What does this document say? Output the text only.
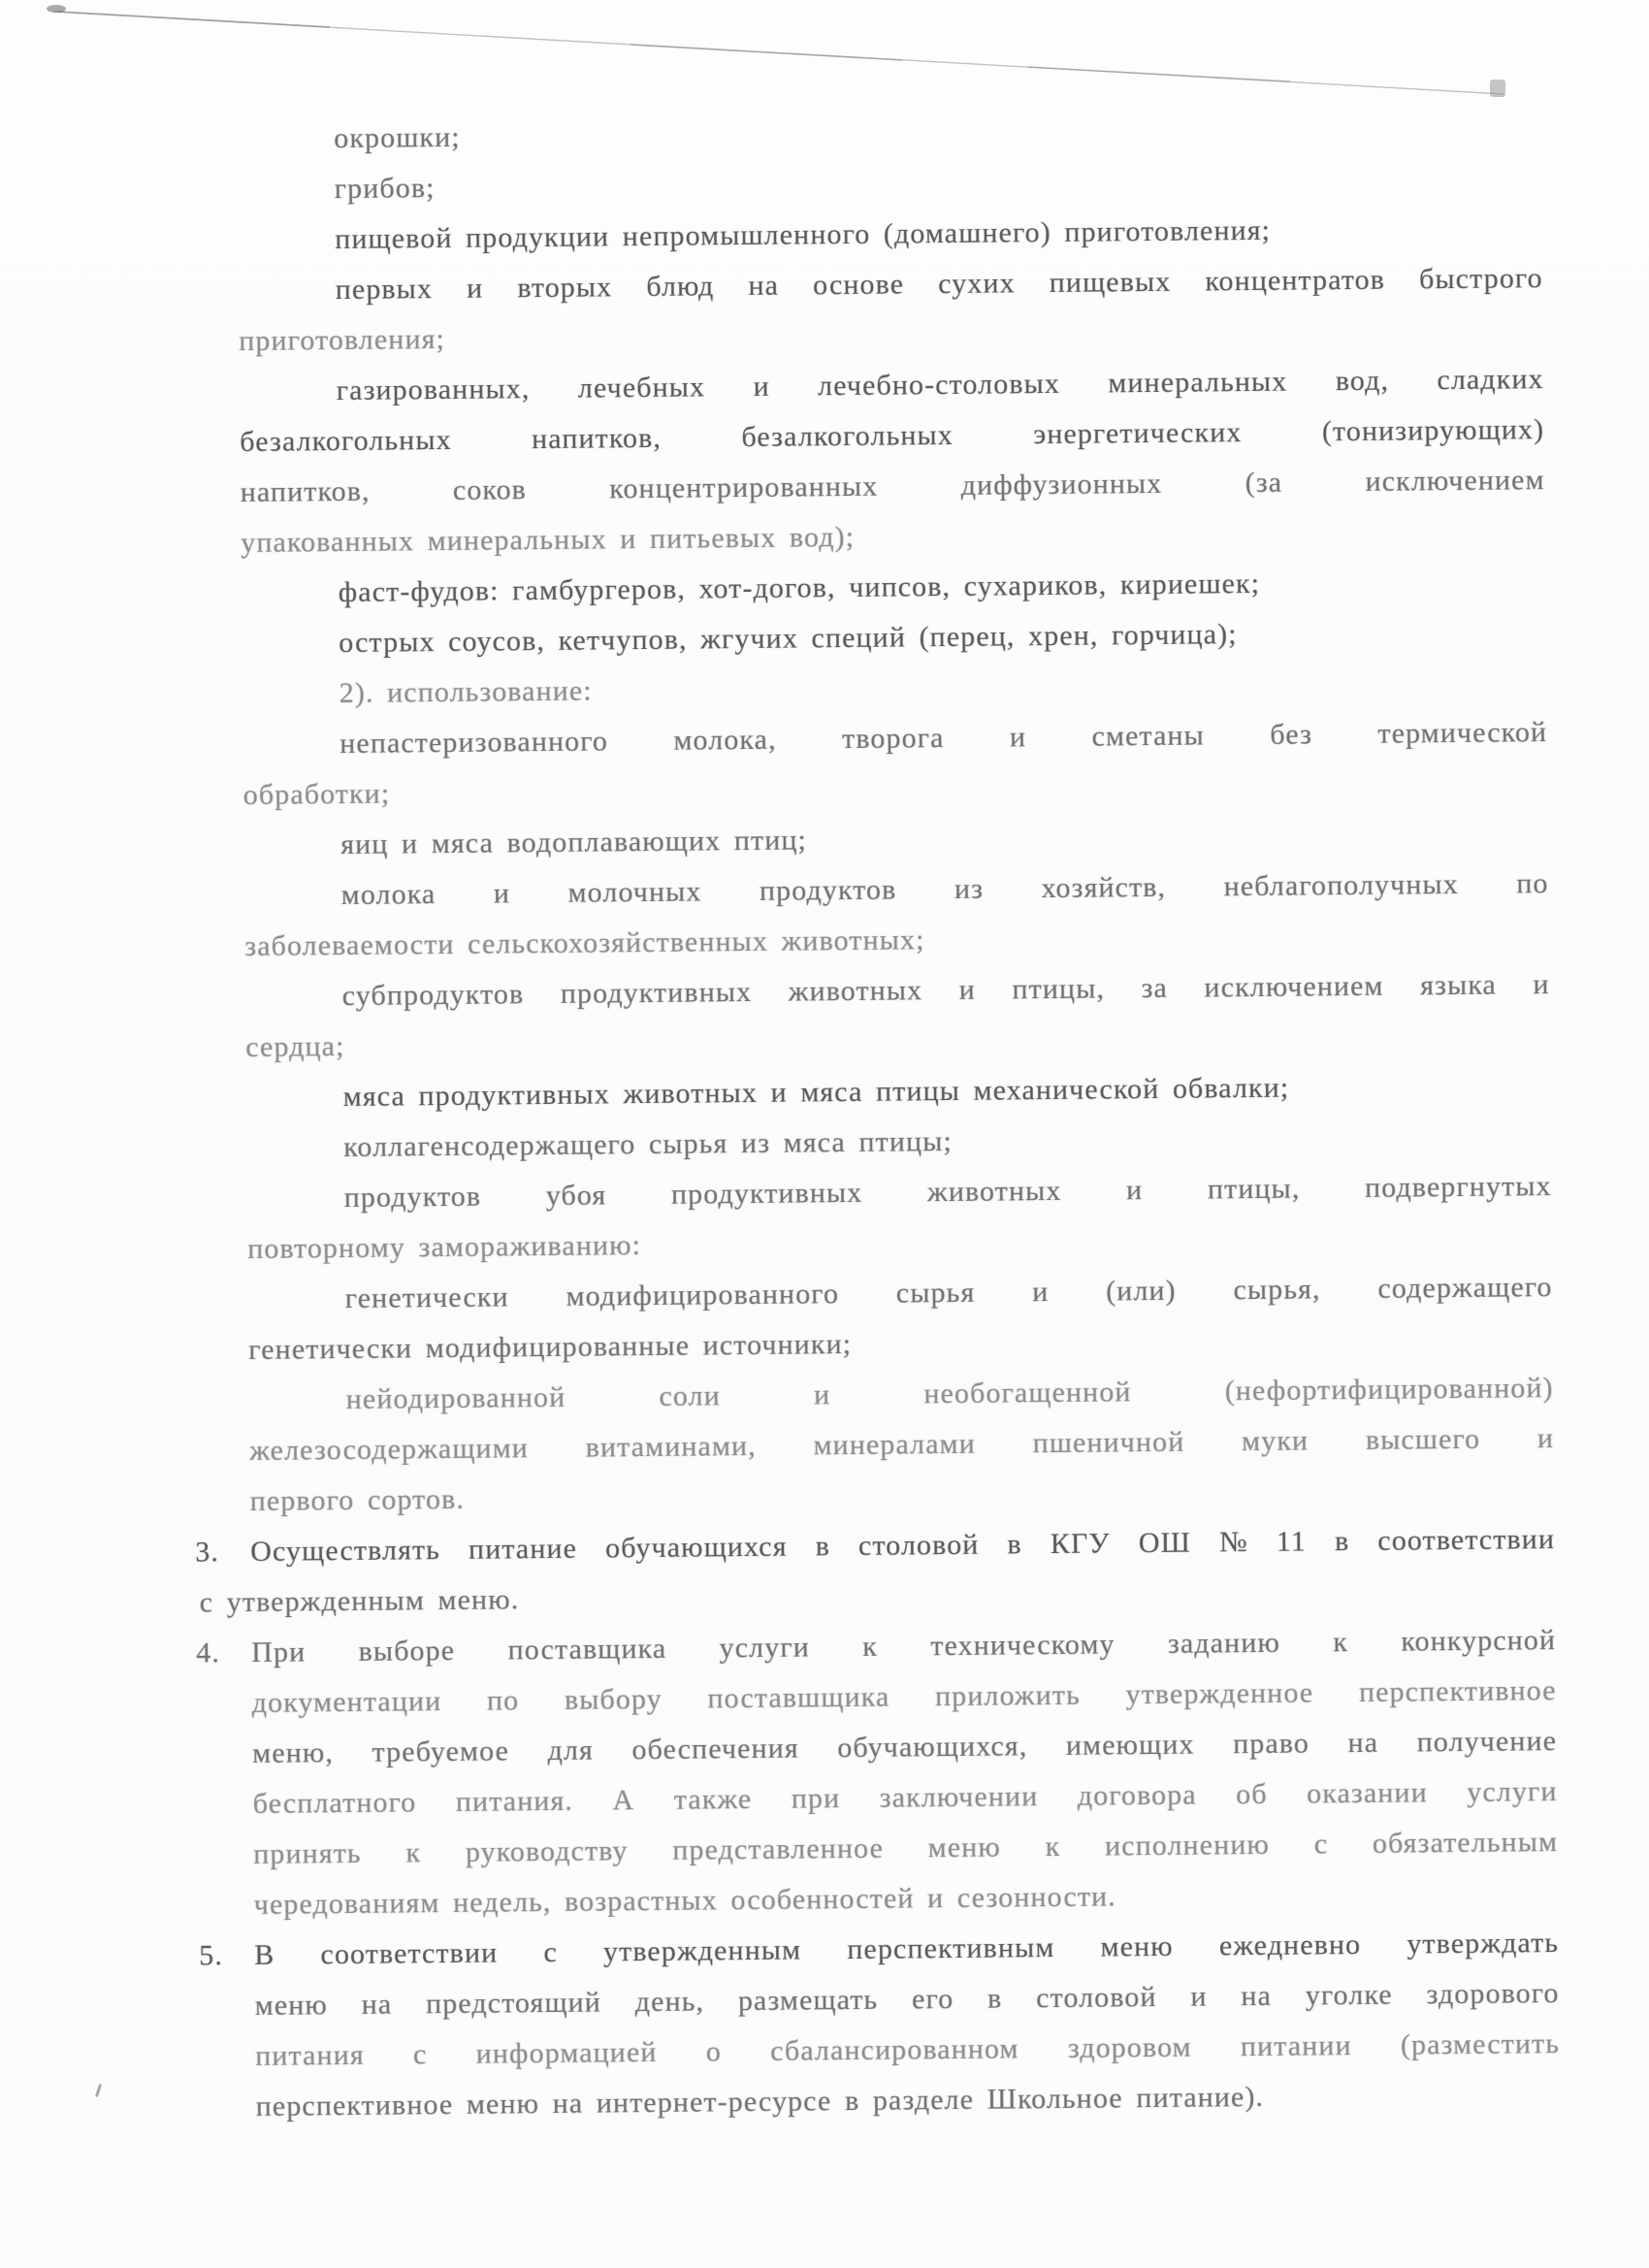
окрошки;
грибов;
пищевой продукции непромышленного (домашнего) приготовления;
первых и вторых блюд на основе сухих пищевых концентратов быстрого
приготовления;
газированных, лечебных и лечебно-столовых минеральных вод, сладких
безалкогольных	напитков,	безалкогольных	энергетических	(тонизирующих)
напитков,	соков	концентрированных	диффузионных	(за	исключением
упакованных минеральных и питьевых вод);
фаст-фудов: гамбургеров, хот-догов, чипсов, сухариков, кириешек;
острых соусов, кетчупов, жгучих специй (перец, хрен, горчица);
2). использование:
непастеризованного молока, творога и сметаны без термической
обработки;
яиц и мяса водоплавающих птиц;
молока и молочных продуктов из хозяйств, неблагополучных по
заболеваемости сельскохозяйственных животных;
субпродуктов продуктивных животных и птицы, за исключением языка и
сердца;
мяса продуктивных животных и мяса птицы механической обвалки;
коллагенсодержащего сырья из мяса птицы;
продуктов убоя продуктивных животных и птицы, подвергнутых
повторному замораживанию:
генетически модифицированного сырья и (или) сырья, содержащего
генетически модифицированные источники;
нейодированной	соли	и	необогащенной	(нефортифицированной)
железосодержащими витаминами, минералами пшеничной муки высшего и
первого сортов.
3. Осуществлять питание обучающихся в столовой в КГУ ОШ № 11 в соответствии
с утвержденным меню.
4. При выборе поставщика услуги к техническому заданию к конкурсной
документации по выбору поставшщика приложить утвержденное перспективное
меню, требуемое для обеспечения обучающихся, имеющих право на получение
бесплатного питания. А также при заключении договора об оказании услуги
принять к руководству представленное меню к исполнению с обязательным
чередованиям недель, возрастных особенностей и сезонности.
5. В соответствии с утвержденным перспективным меню ежедневно утверждать
меню на предстоящий день, размещать его в столовой и на уголке здорового
питания с информацией о сбалансированном здоровом питании (разместить
перспективное меню на интернет-ресурсе в разделе Школьное питание).
